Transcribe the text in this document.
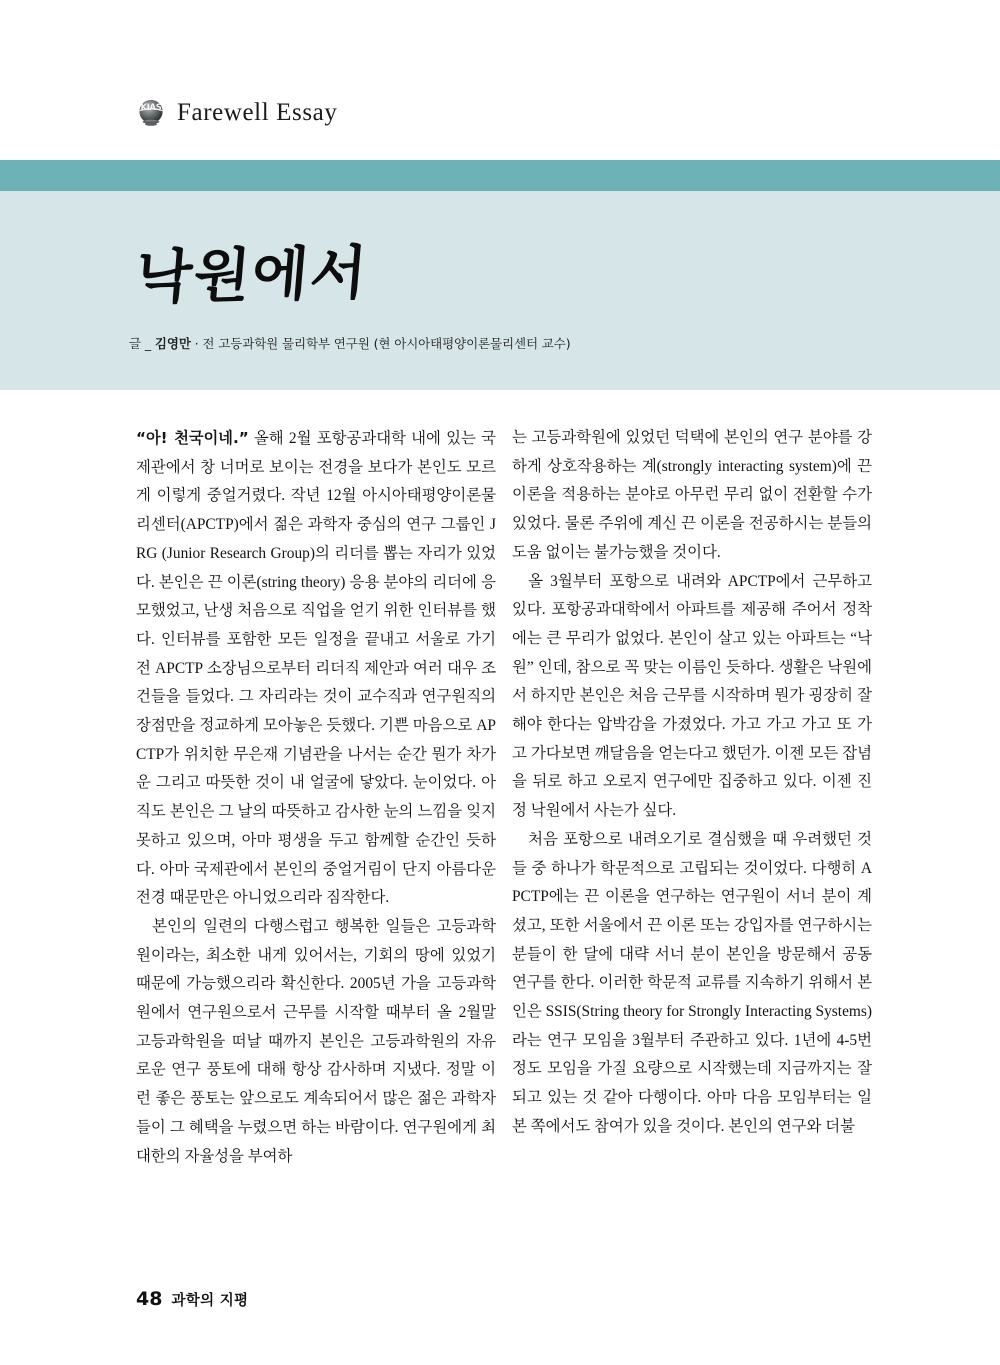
KIAS Farewell Essay
낙원에서
글 _ 김영만 · 전 고등과학원 물리학부 연구원 (현 아시아태평양이론물리센터 교수)

“아! 천국이네.” 올해 2월 포항공과대학 내에 있는 국제관에서 창 너머로 보이는 전경을 보다가 본인도 모르게 이렇게 중얼거렸다. 작년 12월 아시아태평양이론물리센터(APCTP)에서 젊은 과학자 중심의 연구 그룹인 JRG (Junior Research Group)의 리더를 뽑는 자리가 있었다. 본인은 끈 이론(string theory) 응용 분야의 리더에 응모했었고, 난생 처음으로 직업을 얻기 위한 인터뷰를 했다. 인터뷰를 포함한 모든 일정을 끝내고 서울로 가기 전 APCTP 소장님으로부터 리더직 제안과 여러 대우 조건들을 들었다. 그 자리라는 것이 교수직과 연구원직의 장점만을 정교하게 모아놓은 듯했다. 기쁜 마음으로 APCTP가 위치한 무은재 기념관을 나서는 순간 뭔가 차가운 그리고 따뜻한 것이 내 얼굴에 닿았다. 눈이었다. 아직도 본인은 그 날의 따뜻하고 감사한 눈의 느낌을 잊지 못하고 있으며, 아마 평생을 두고 함께할 순간인 듯하다. 아마 국제관에서 본인의 중얼거림이 단지 아름다운 전경 때문만은 아니었으리라 짐작한다.

본인의 일련의 다행스럽고 행복한 일들은 고등과학원이라는, 최소한 내게 있어서는, 기회의 땅에 있었기 때문에 가능했으리라 확신한다. 2005년 가을 고등과학원에서 연구원으로서 근무를 시작할 때부터 올 2월말 고등과학원을 떠날 때까지 본인은 고등과학원의 자유로운 연구 풍토에 대해 항상 감사하며 지냈다. 정말 이런 좋은 풍토는 앞으로도 계속되어서 많은 젊은 과학자들이 그 혜택을 누렸으면 하는 바람이다. 연구원에게 최대한의 자율성을 부여하

는 고등과학원에 있었던 덕택에 본인의 연구 분야를 강하게 상호작용하는 계(strongly interacting system)에 끈 이론을 적용하는 분야로 아무런 무리 없이 전환할 수가 있었다. 물론 주위에 계신 끈 이론을 전공하시는 분들의 도움 없이는 불가능했을 것이다.

올 3월부터 포항으로 내려와 APCTP에서 근무하고 있다. 포항공과대학에서 아파트를 제공해 주어서 정착에는 큰 무리가 없었다. 본인이 살고 있는 아파트는 “낙원” 인데, 참으로 꼭 맞는 이름인 듯하다. 생활은 낙원에서 하지만 본인은 처음 근무를 시작하며 뭔가 굉장히 잘 해야 한다는 압박감을 가졌었다. 가고 가고 가고 또 가고 가다보면 깨달음을 얻는다고 했던가. 이젠 모든 잡념을 뒤로 하고 오로지 연구에만 집중하고 있다. 이젠 진정 낙원에서 사는가 싶다.

처음 포항으로 내려오기로 결심했을 때 우려했던 것들 중 하나가 학문적으로 고립되는 것이었다. 다행히 APCTP에는 끈 이론을 연구하는 연구원이 서너 분이 계셨고, 또한 서울에서 끈 이론 또는 강입자를 연구하시는 분들이 한 달에 대략 서너 분이 본인을 방문해서 공동 연구를 한다. 이러한 학문적 교류를 지속하기 위해서 본인은 SSIS(String theory for Strongly Interacting Systems)라는 연구 모임을 3월부터 주관하고 있다. 1년에 4-5번 정도 모임을 가질 요량으로 시작했는데 지금까지는 잘 되고 있는 것 같아 다행이다. 아마 다음 모임부터는 일본 쪽에서도 참여가 있을 것이다. 본인의 연구와 더불

48 과학의 지평
